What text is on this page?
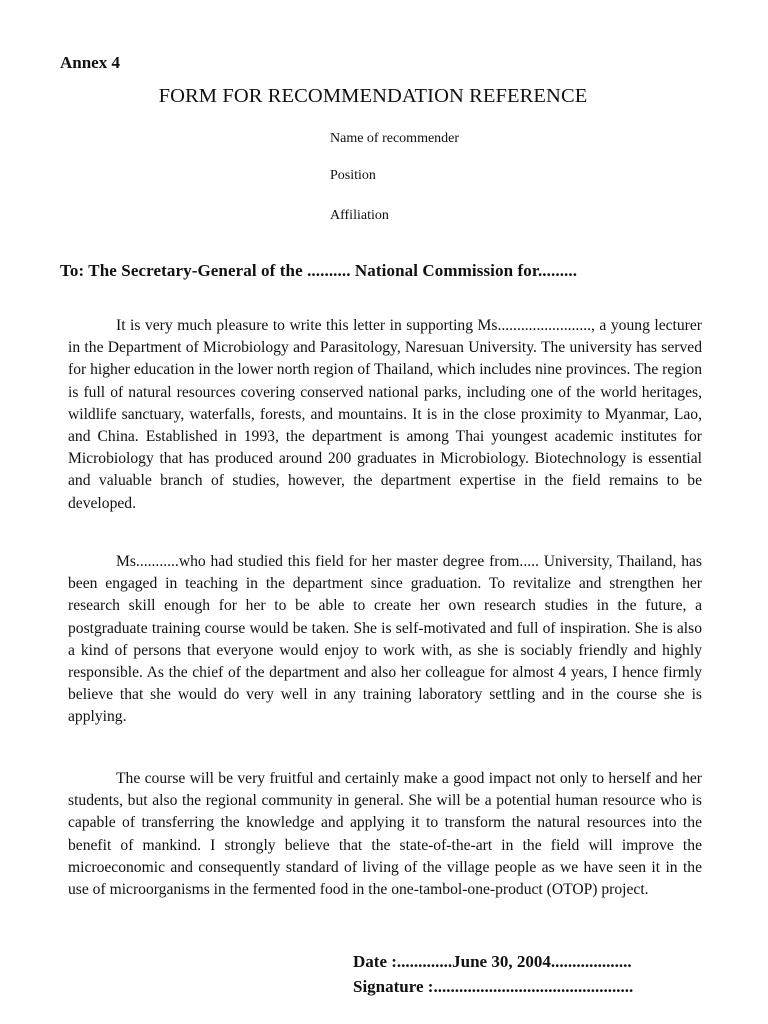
Annex 4

FORM FOR RECOMMENDATION REFERENCE

Name of recommender

Position

Affiliation

To: The Secretary-General of the .......... National Commission for.........

It is very much pleasure to write this letter in supporting Ms........................, a young lecturer in the Department of Microbiology and Parasitology, Naresuan University. The university has served for higher education in the lower north region of Thailand, which includes nine provinces. The region is full of natural resources covering conserved national parks, including one of the world heritages, wildlife sanctuary, waterfalls, forests, and mountains. It is in the close proximity to Myanmar, Lao, and China. Established in 1993, the department is among Thai youngest academic institutes for Microbiology that has produced around 200 graduates in Microbiology. Biotechnology is essential and valuable branch of studies, however, the department expertise in the field remains to be developed.

Ms...........who had studied this field for her master degree from..... University, Thailand, has been engaged in teaching in the department since graduation. To revitalize and strengthen her research skill enough for her to be able to create her own research studies in the future, a postgraduate training course would be taken. She is self-motivated and full of inspiration. She is also a kind of persons that everyone would enjoy to work with, as she is sociably friendly and highly responsible. As the chief of the department and also her colleague for almost 4 years, I hence firmly believe that she would do very well in any training laboratory settling and in the course she is applying.

The course will be very fruitful and certainly make a good impact not only to herself and her students, but also the regional community in general. She will be a potential human resource who is capable of transferring the knowledge and applying it to transform the natural resources into the benefit of mankind. I strongly believe that the state-of-the-art in the field will improve the microeconomic and consequently standard of living of the village people as we have seen it in the use of microorganisms in the fermented food in the one-tambol-one-product (OTOP) project.

Date :.............June 30, 2004...................

Signature :...............................................
